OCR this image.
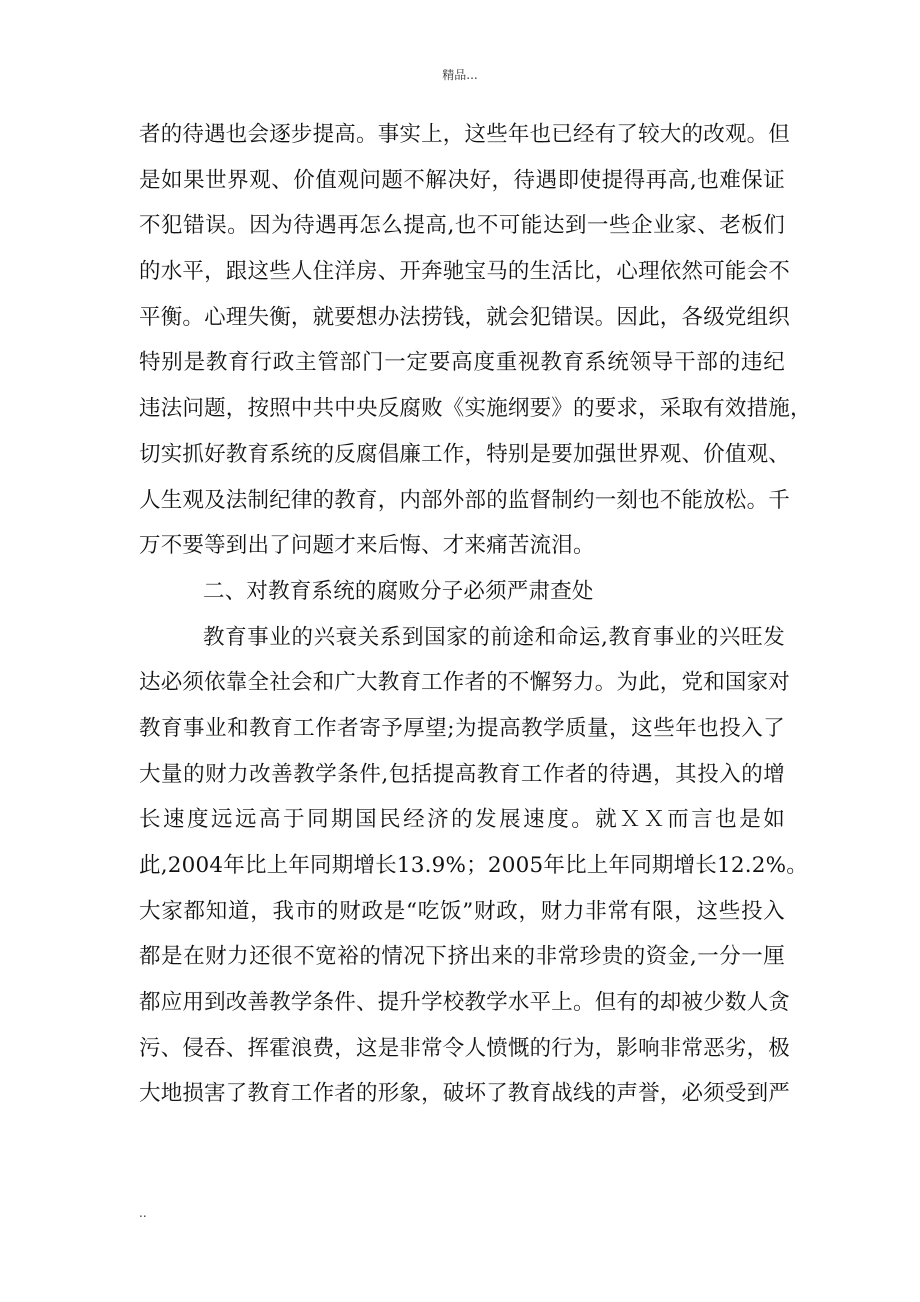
精品...
者的待遇也会逐步提高。事实上，这些年也已经有了较大的改观。但
是如果世界观、价值观问题不解决好，待遇即使提得再高,也难保证
不犯错误。因为待遇再怎么提高,也不可能达到一些企业家、老板们
的水平，跟这些人住洋房、开奔驰宝马的生活比，心理依然可能会不
平衡。心理失衡，就要想办法捞钱，就会犯错误。因此，各级党组织
特别是教育行政主管部门一定要高度重视教育系统领导干部的违纪
违法问题，按照中共中央反腐败《实施纲要》的要求，采取有效措施，
切实抓好教育系统的反腐倡廉工作，特别是要加强世界观、价值观、
人生观及法制纪律的教育，内部外部的监督制约一刻也不能放松。千
万不要等到出了问题才来后悔、才来痛苦流泪。
二、对教育系统的腐败分子必须严肃查处
教育事业的兴衰关系到国家的前途和命运,教育事业的兴旺发
达必须依靠全社会和广大教育工作者的不懈努力。为此，党和国家对
教育事业和教育工作者寄予厚望;为提高教学质量，这些年也投入了
大量的财力改善教学条件,包括提高教育工作者的待遇，其投入的增
长速度远远高于同期国民经济的发展速度。就ＸＸ而言也是如
此,2004年比上年同期增长13.9%；2005年比上年同期增长12.2%。
大家都知道，我市的财政是“吃饭”财政，财力非常有限，这些投入
都是在财力还很不宽裕的情况下挤出来的非常珍贵的资金,一分一厘
都应用到改善教学条件、提升学校教学水平上。但有的却被少数人贪
污、侵吞、挥霍浪费，这是非常令人愤慨的行为，影响非常恶劣，极
大地损害了教育工作者的形象，破坏了教育战线的声誉，必须受到严
..
